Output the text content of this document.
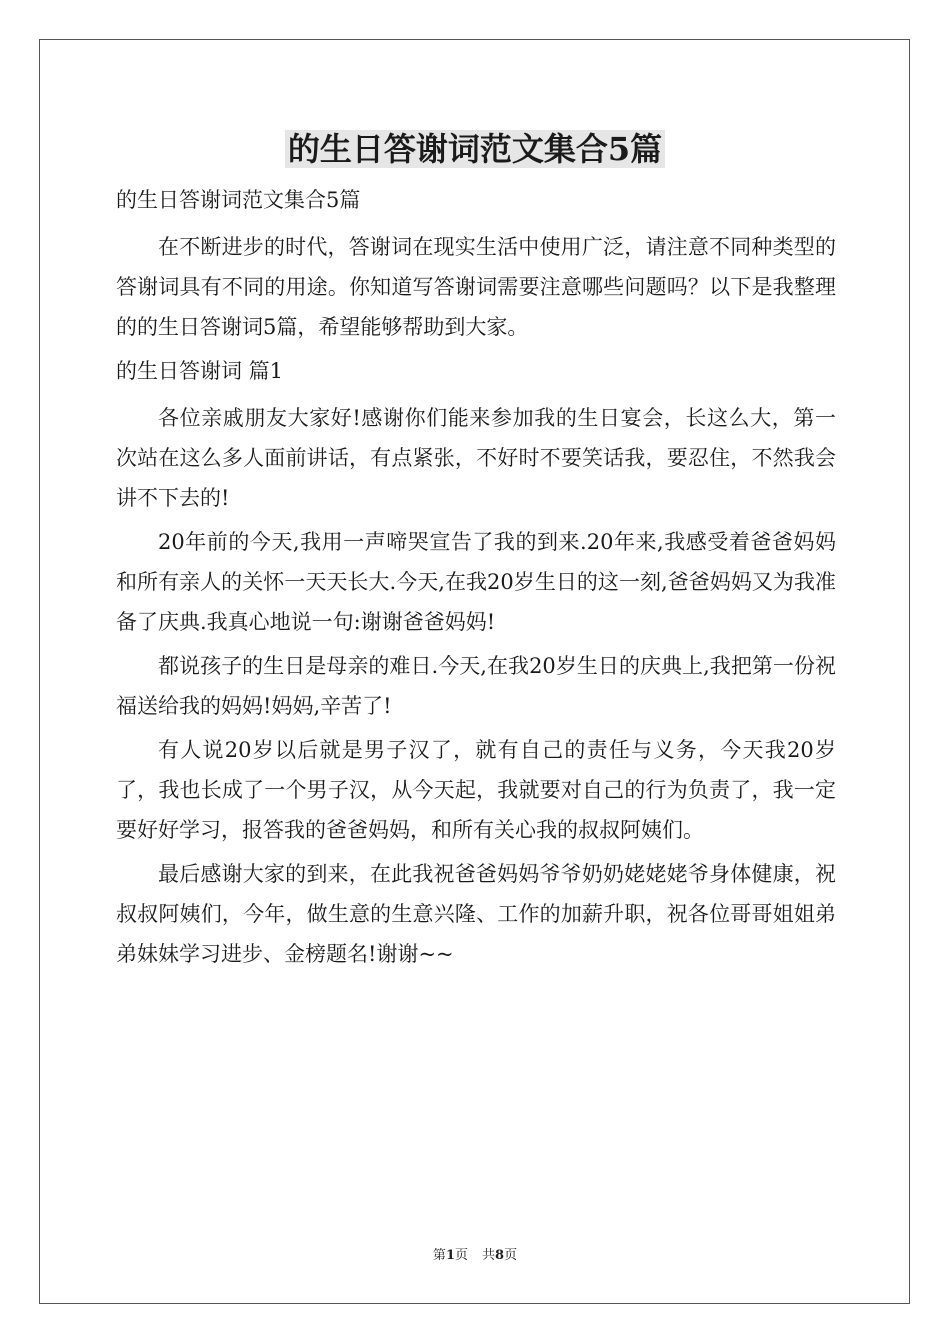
的生日答谢词范文集合5篇

的生日答谢词范文集合5篇

在不断进步的时代，答谢词在现实生活中使用广泛，请注意不同种类型的答谢词具有不同的用途。你知道写答谢词需要注意哪些问题吗？以下是我整理的的生日答谢词5篇，希望能够帮助到大家。

的生日答谢词 篇1

各位亲戚朋友大家好!感谢你们能来参加我的生日宴会，长这么大，第一次站在这么多人面前讲话，有点紧张，不好时不要笑话我，要忍住，不然我会讲不下去的!

20年前的今天,我用一声啼哭宣告了我的到来.20年来,我感受着爸爸妈妈和所有亲人的关怀一天天长大.今天,在我20岁生日的这一刻,爸爸妈妈又为我准备了庆典.我真心地说一句:谢谢爸爸妈妈!

都说孩子的生日是母亲的难日.今天,在我20岁生日的庆典上,我把第一份祝福送给我的妈妈!妈妈,辛苦了!

有人说20岁以后就是男子汉了，就有自己的责任与义务，今天我20岁了，我也长成了一个男子汉，从今天起，我就要对自己的行为负责了，我一定要好好学习，报答我的爸爸妈妈，和所有关心我的叔叔阿姨们。

最后感谢大家的到来，在此我祝爸爸妈妈爷爷奶奶姥姥姥爷身体健康，祝叔叔阿姨们，今年，做生意的生意兴隆、工作的加薪升职，祝各位哥哥姐姐弟弟妹妹学习进步、金榜题名!谢谢~~

第1页 共8页
